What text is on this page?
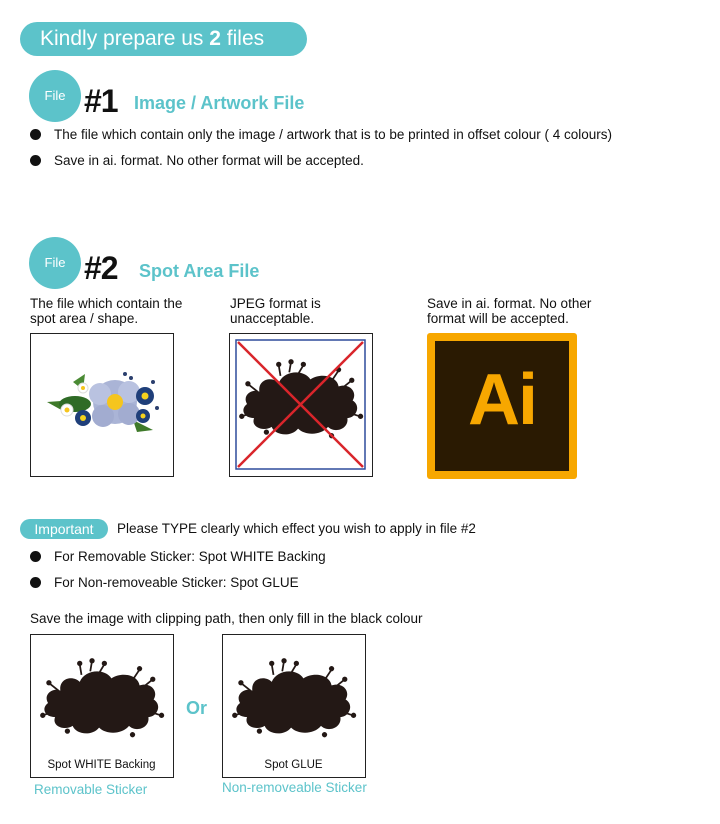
Kindly prepare us 2 files
File #1 Image / Artwork File
The file which contain only the image / artwork that is to be printed in offset colour ( 4 colours)
Save in ai. format. No other format will be accepted.
File #2 Spot Area File
The file which contain the spot area / shape.
JPEG format is unacceptable.
Save in ai. format. No other format will be accepted.
Ai
Important	Please TYPE clearly which effect you wish to apply in file #2
For Removable Sticker: Spot WHITE Backing
For Non-removeable Sticker: Spot GLUE
Save the image with clipping path, then only fill in the black colour
Spot WHITE Backing
Removable Sticker
Or
Spot GLUE
Non-removeable Sticker
